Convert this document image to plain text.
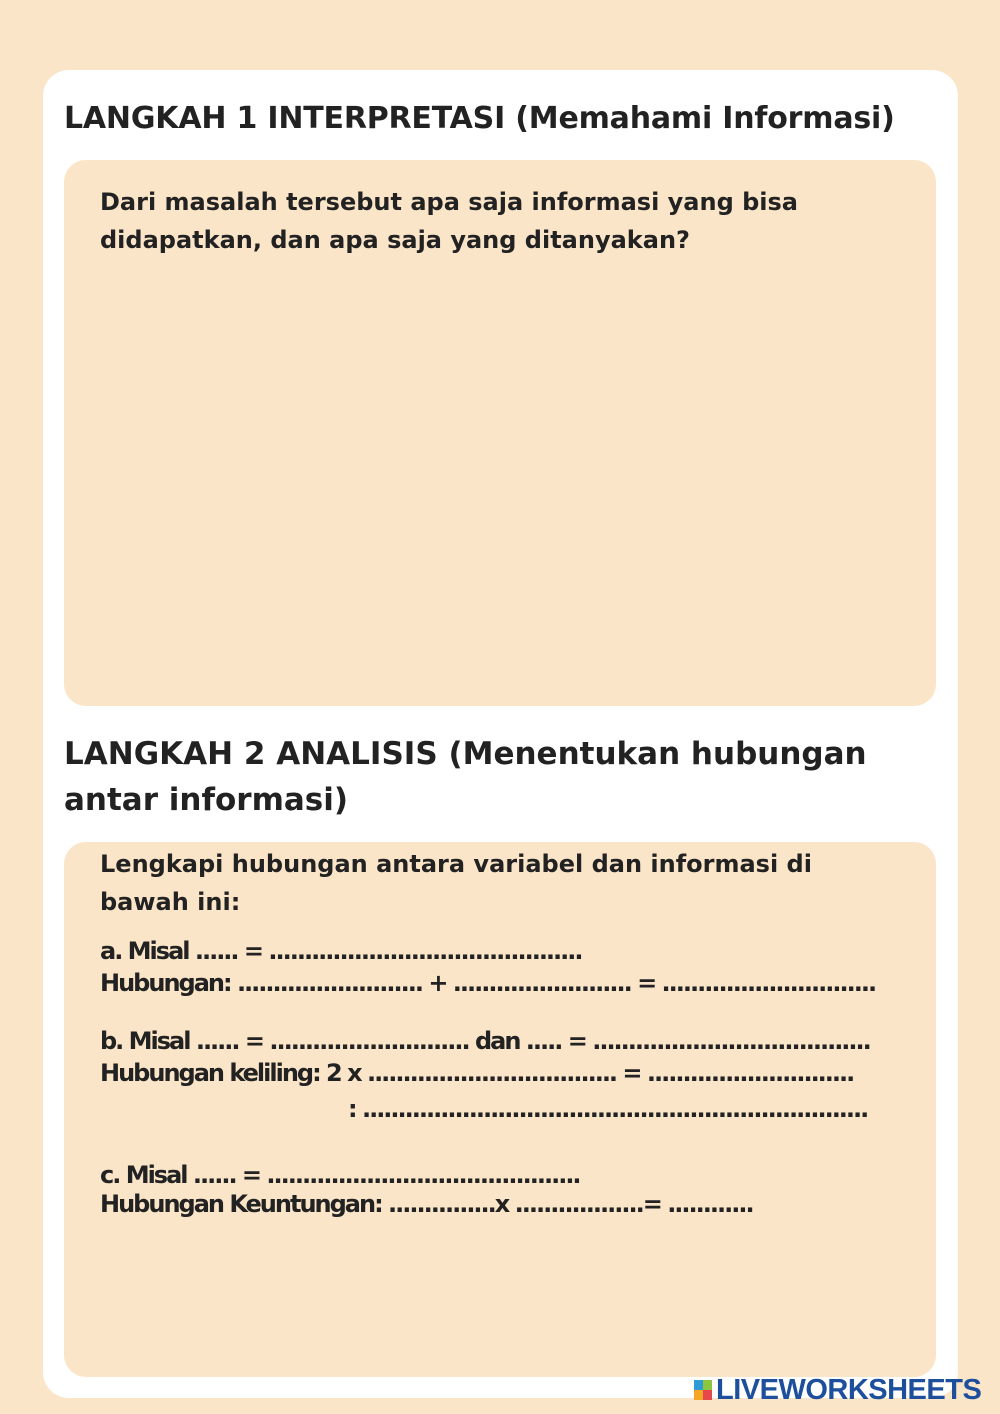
LANGKAH 1 INTERPRETASI (Memahami Informasi)

Dari masalah tersebut apa saja informasi yang bisa didapatkan, dan apa saja yang ditanyakan?

LANGKAH 2 ANALISIS (Menentukan hubungan antar informasi)

Lengkapi hubungan antara variabel dan informasi di bawah ini:

a. Misal ...... = ............................................

Hubungan: .......................... + ......................... = ..............................

b. Misal ...... = ............................ dan ..... = .......................................

Hubungan keliling: 2 x ................................... = .............................

: .......................................................................

c. Misal ...... = ............................................

Hubungan Keuntungan: ...............x ..................= ............

LIVEWORKSHEETS
